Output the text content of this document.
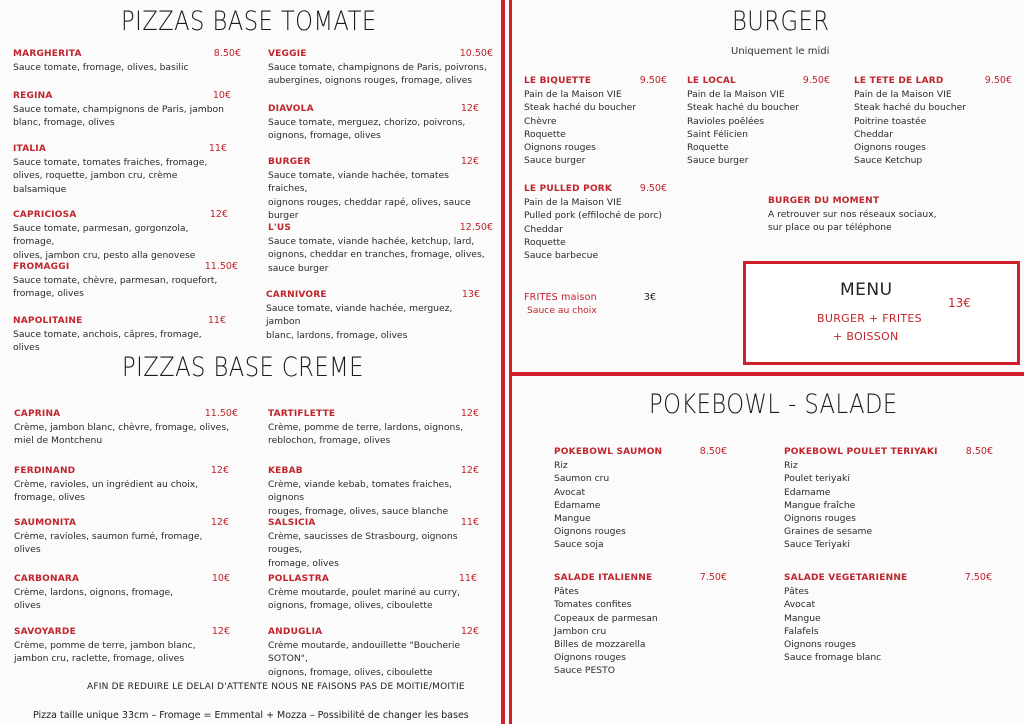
PIZZAS BASE TOMATE
MARGHERITA	8.50€
Sauce tomate, fromage, olives, basilic
REGINA	10€
Sauce tomate, champignons de Paris, jambon
blanc, fromage, olives
ITALIA	11€
Sauce tomate, tomates fraiches, fromage,
olives, roquette, jambon cru, crème
balsamique
CAPRICIOSA	12€
Sauce tomate, parmesan, gorgonzola, fromage,
olives, jambon cru, pesto alla genovese
FROMAGGI	11.50€
Sauce tomate, chèvre, parmesan, roquefort,
fromage, olives
NAPOLITAINE	11€
Sauce tomate, anchois, câpres, fromage, olives
VEGGIE	10.50€
Sauce tomate, champignons de Paris, poivrons,
aubergines, oignons rouges, fromage, olives
DIAVOLA	12€
Sauce tomate, merguez, chorizo, poivrons,
oignons, fromage, olives
BURGER	12€
Sauce tomate, viande hachée, tomates fraiches,
oignons rouges, cheddar rapé, olives, sauce
burger
L'US	12.50€
Sauce tomate, viande hachée, ketchup, lard,
oignons, cheddar en tranches, fromage, olives,
sauce burger
CARNIVORE	13€
Sauce tomate, viande hachée, merguez, jambon
blanc, lardons, fromage, olives
PIZZAS BASE CREME
CAPRINA	11.50€
Crème, jambon blanc, chèvre, fromage, olives,
miel de Montchenu
FERDINAND	12€
Crème, ravioles, un ingrédient au choix,
fromage, olives
SAUMONITA	12€
Crème, ravioles, saumon fumé, fromage,
olives
CARBONARA	10€
Crème, lardons, oignons, fromage,
olives
SAVOYARDE	12€
Crème, pomme de terre, jambon blanc,
jambon cru, raclette, fromage, olives
TARTIFLETTE	12€
Crème, pomme de terre, lardons, oignons,
reblochon, fromage, olives
KEBAB	12€
Crème, viande kebab, tomates fraiches, oignons
rouges, fromage, olives, sauce blanche
SALSICIA	11€
Crème, saucisses de Strasbourg, oignons rouges,
fromage, olives
POLLASTRA	11€
Crème moutarde, poulet mariné au curry,
oignons, fromage, olives, ciboulette
ANDUGLIA	12€
Crème moutarde, andouillette "Boucherie SOTON",
oignons, fromage, olives, ciboulette
AFIN DE REDUIRE LE DELAI D'ATTENTE NOUS NE FAISONS PAS DE MOITIE/MOITIE
Pizza taille unique 33cm – Fromage = Emmental + Mozza – Possibilité de changer les bases
BURGER
Uniquement le midi
LE BIQUETTE	9.50€
Pain de la Maison VIE
Steak haché du boucher
Chèvre
Roquette
Oignons rouges
Sauce burger
LE LOCAL	9.50€
Pain de la Maison VIE
Steak haché du boucher
Ravioles poêlées
Saint Félicien
Roquette
Sauce burger
LE TETE DE LARD	9.50€
Pain de la Maison VIE
Steak haché du boucher
Poitrine toastée
Cheddar
Oignons rouges
Sauce Ketchup
LE PULLED PORK	9.50€
Pain de la Maison VIE
Pulled pork (effiloché de porc)
Cheddar
Roquette
Sauce barbecue
BURGER DU MOMENT
A retrouver sur nos réseaux sociaux,
sur place ou par téléphone
FRITES maison	3€
Sauce au choix
MENU
13€
BURGER + FRITES
+ BOISSON
POKEBOWL - SALADE
POKEBOWL SAUMON	8.50€
Riz
Saumon cru
Avocat
Edamame
Mangue
Oignons rouges
Sauce soja
POKEBOWL POULET TERIYAKI	8.50€
Riz
Poulet teriyaki
Edamame
Mangue fraîche
Oignons rouges
Graines de sesame
Sauce Teriyaki
SALADE ITALIENNE	7.50€
Pâtes
Tomates confites
Copeaux de parmesan
Jambon cru
Billes de mozzarella
Oignons rouges
Sauce PESTO
SALADE VEGETARIENNE	7.50€
Pâtes
Avocat
Mangue
Falafels
Oignons rouges
Sauce fromage blanc
